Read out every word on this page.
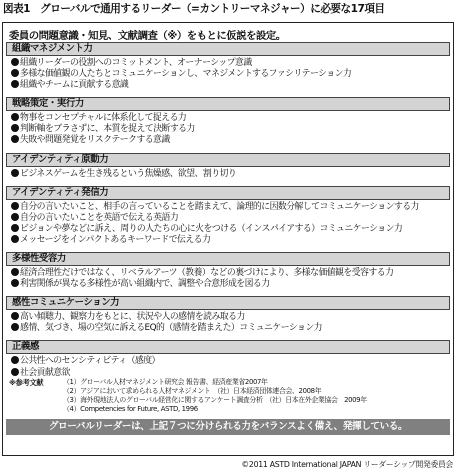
図表1　グローバルで通用するリーダー（=カントリーマネジャー）に必要な17項目
委員の問題意識・知見、文献調査（※）をもとに仮説を設定。
組織マネジメント力
組織リーダーの役割へのコミットメント、オーナーシップ意識
多様な価値観の人たちとコミュニケーションし、マネジメントするファシリテーション力
組織やチームに貢献する意識
戦略策定・実行力
物事をコンセプチャルに体系化して捉える力
判断軸をブラさずに、本質を捉えて決断する力
失敗や問題発覚をリスクテークする意識
アイデンティティ原動力
ビジネスゲームを生き残るという焦燥感、欲望、割り切り
アイデンティティ発信力
自分の言いたいこと、相手の言っていることを踏まえて、論理的に因数分解してコミュニケーションする力
自分の言いたいことを英語で伝える英語力
ビジョンや夢などに訴え、周りの人たちの心に火をつける（インスパイアする）コミュニケーション力
メッセージをインパクトあるキーワードで伝える力
多様性受容力
経済合理性だけではなく、リベラルアーツ（教養）などの裏づけにより、多様な価値観を受容する力
利害関係が異なる多様性が高い組織内で、調整や合意形成を図る力
感性コミュニケーション力
高い傾聴力、観察力をもとに、状況や人の感情を読み取る力
感情、気づき、場の空気に訴えるEQ的（感情を踏まえた）コミュニケーション力
正義感
公共性へのセンシティビティ（感度）
社会貢献意欲
※参考文献	（1）グローバル人材マネジメント研究会 報告書、経済産業省2007年
（2）アジアにおいて求められる人材マネジメント　（社）日本経済団体連合会、2008年
（3）海外現地法人のグローバル経営化に関するアンケート調査分析　（社）日本在外企業協会　2009年
（4）Competencies for Future, ASTD, 1996
グローバルリーダーは、上記７つに分けられる力をバランスよく備え、発揮している。
©2011 ASTD International JAPAN リーダーシップ開発委員会
